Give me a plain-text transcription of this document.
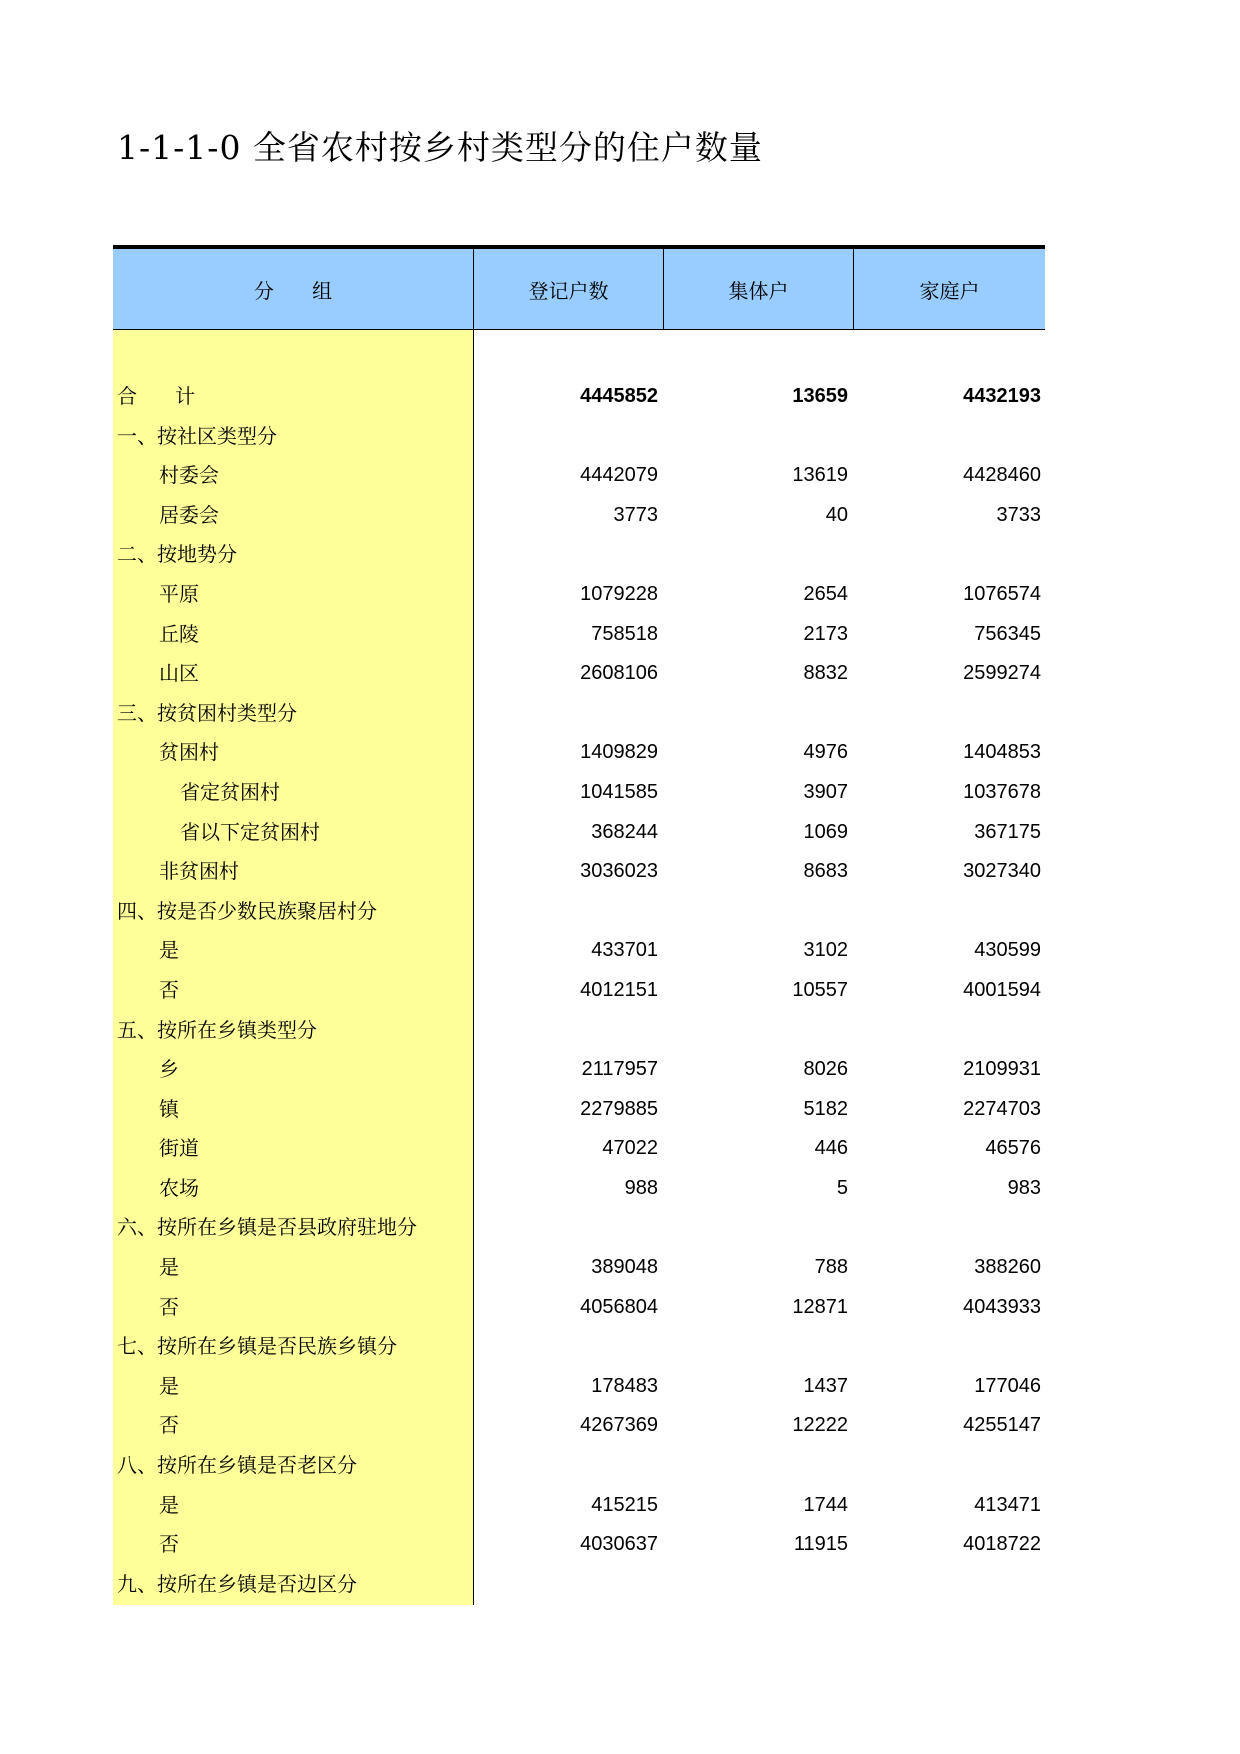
1-1-1-0 全省农村按乡村类型分的住户数量
分      组	登记户数	集体户	家庭户
合      计	4445852	13659	4432193
一、按社区类型分
村委会	4442079	13619	4428460
居委会	3773	40	3733
二、按地势分
平原	1079228	2654	1076574
丘陵	758518	2173	756345
山区	2608106	8832	2599274
三、按贫困村类型分
贫困村	1409829	4976	1404853
省定贫困村	1041585	3907	1037678
省以下定贫困村	368244	1069	367175
非贫困村	3036023	8683	3027340
四、按是否少数民族聚居村分
是	433701	3102	430599
否	4012151	10557	4001594
五、按所在乡镇类型分
乡	2117957	8026	2109931
镇	2279885	5182	2274703
街道	47022	446	46576
农场	988	5	983
六、按所在乡镇是否县政府驻地分
是	389048	788	388260
否	4056804	12871	4043933
七、按所在乡镇是否民族乡镇分
是	178483	1437	177046
否	4267369	12222	4255147
八、按所在乡镇是否老区分
是	415215	1744	413471
否	4030637	11915	4018722
九、按所在乡镇是否边区分
